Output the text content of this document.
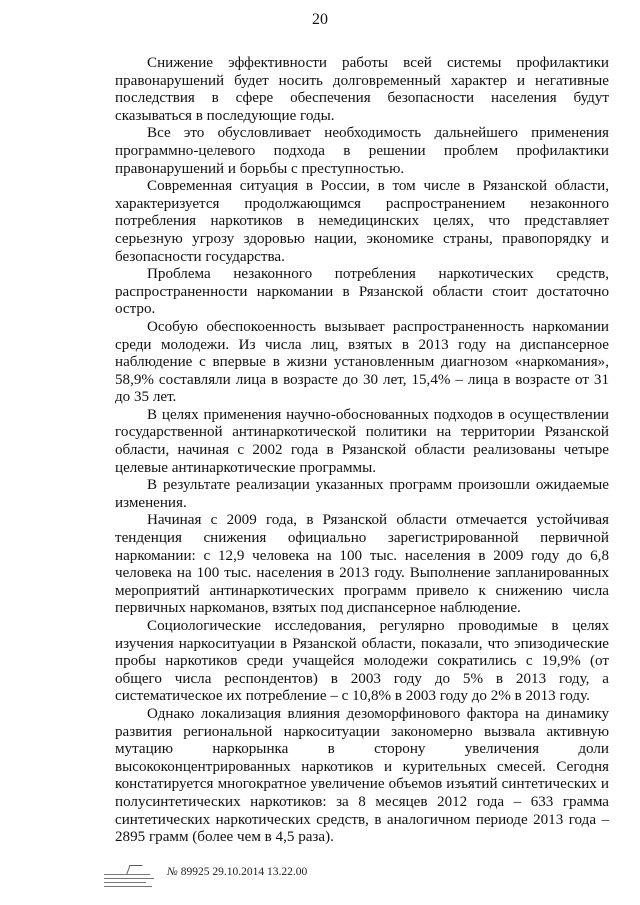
20

Снижение эффективности работы всей системы профилактики правонарушений будет носить долговременный характер и негативные последствия в сфере обеспечения безопасности населения будут сказываться в последующие годы.

Все это обусловливает необходимость дальнейшего применения программно-целевого подхода в решении проблем профилактики правонарушений и борьбы с преступностью.

Современная ситуация в России, в том числе в Рязанской области, характеризуется продолжающимся распространением незаконного потребления наркотиков в немедицинских целях, что представляет серьезную угрозу здоровью нации, экономике страны, правопорядку и безопасности государства.

Проблема незаконного потребления наркотических средств, распространенности наркомании в Рязанской области стоит достаточно остро.

Особую обеспокоенность вызывает распространенность наркомании среди молодежи. Из числа лиц, взятых в 2013 году на диспансерное наблюдение с впервые в жизни установленным диагнозом «наркомания», 58,9% составляли лица в возрасте до 30 лет, 15,4% – лица в возрасте от 31 до 35 лет.

В целях применения научно-обоснованных подходов в осуществлении государственной антинаркотической политики на территории Рязанской области, начиная с 2002 года в Рязанской области реализованы четыре целевые антинаркотические программы.

В результате реализации указанных программ произошли ожидаемые изменения.

Начиная с 2009 года, в Рязанской области отмечается устойчивая тенденция снижения официально зарегистрированной первичной наркомании: с 12,9 человека на 100 тыс. населения в 2009 году до 6,8 человека на 100 тыс. населения в 2013 году. Выполнение запланированных мероприятий антинаркотических программ привело к снижению числа первичных наркоманов, взятых под диспансерное наблюдение.

Социологические исследования, регулярно проводимые в целях изучения наркоситуации в Рязанской области, показали, что эпизодические пробы наркотиков среди учащейся молодежи сократились с 19,9% (от общего числа респондентов) в 2003 году до 5% в 2013 году, а систематическое их потребление – с 10,8% в 2003 году до 2% в 2013 году.

Однако локализация влияния дезоморфинового фактора на динамику развития региональной наркоситуации закономерно вызвала активную мутацию наркорынка в сторону увеличения доли высококонцентрированных наркотиков и курительных смесей. Сегодня констатируется многократное увеличение объемов изъятий синтетических и полусинтетических наркотиков: за 8 месяцев 2012 года – 633 грамма синтетических наркотических средств, в аналогичном периоде 2013 года – 2895 грамм (более чем в 4,5 раза).

№ 89925 29.10.2014 13.22.00
